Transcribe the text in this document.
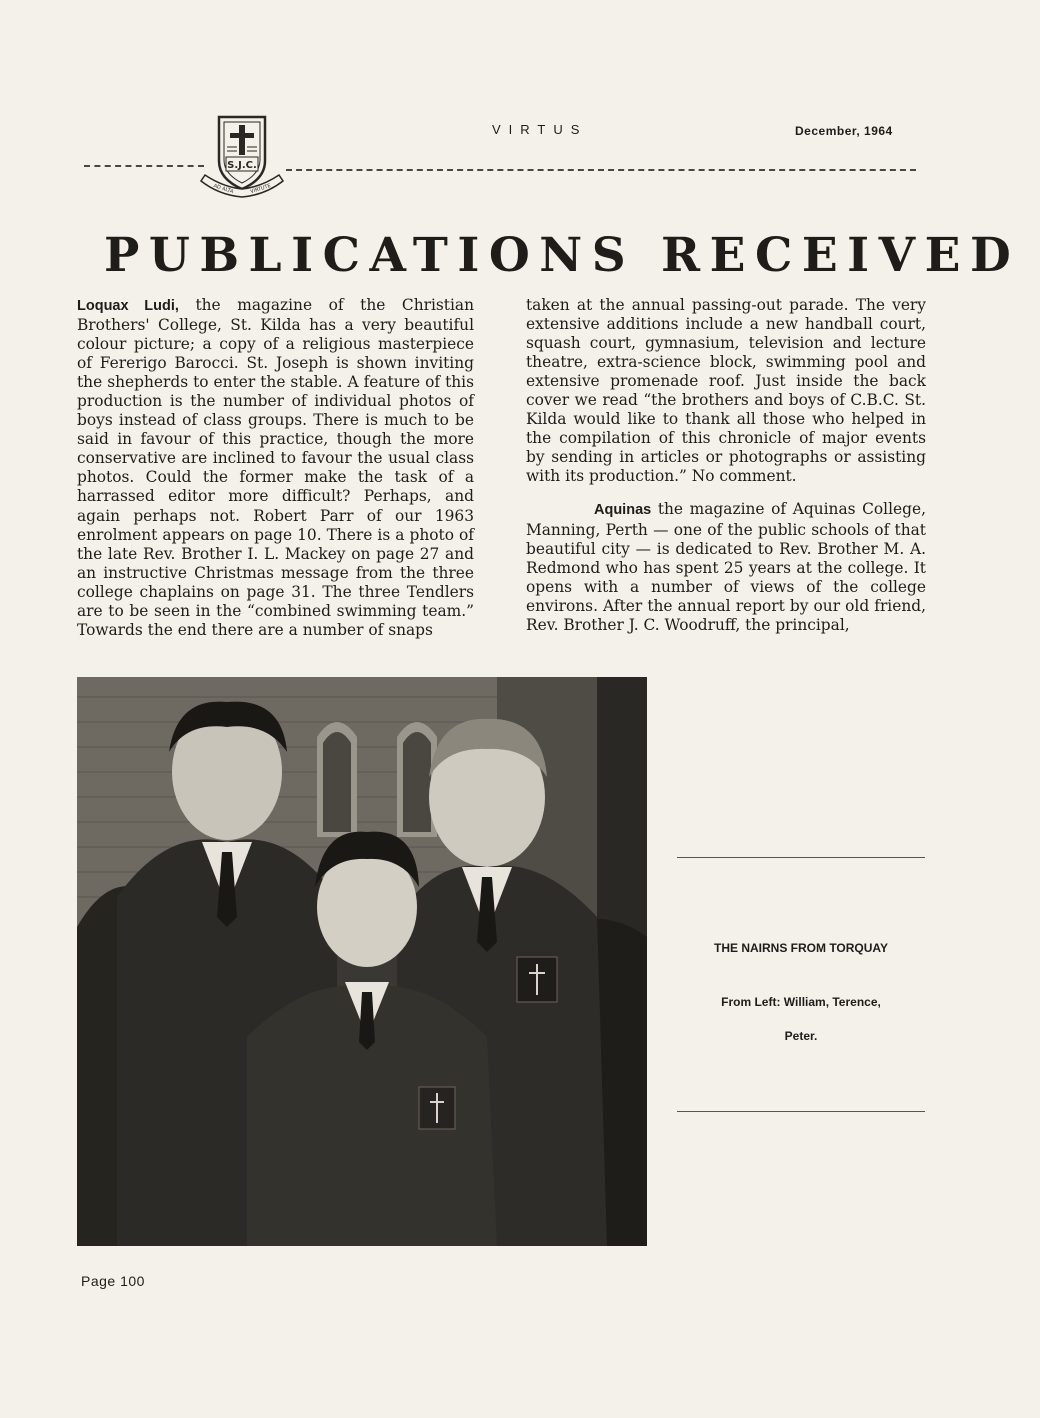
S.J.C.
AD ALTA	VIRTUTE
VIRTUS	December, 1964
PUBLICATIONS RECEIVED

Loquax Ludi, the magazine of the Christian Brothers' College, St. Kilda has a very beautiful colour picture; a copy of a religious masterpiece of Fererigo Barocci. St. Joseph is shown inviting the shepherds to enter the stable. A feature of this production is the number of individual photos of boys instead of class groups. There is much to be said in favour of this practice, though the more conservative are inclined to favour the usual class photos. Could the former make the task of a harrassed editor more difficult? Perhaps, and again perhaps not. Robert Parr of our 1963 enrolment appears on page 10. There is a photo of the late Rev. Brother I. L. Mackey on page 27 and an instructive Christmas message from the three college chaplains on page 31. The three Tendlers are to be seen in the “combined swimming team.” Towards the end there are a number of snaps

taken at the annual passing-out parade. The very extensive additions include a new handball court, squash court, gymnasium, television and lecture theatre, extra-science block, swimming pool and extensive promenade roof. Just inside the back cover we read “the brothers and boys of C.B.C. St. Kilda would like to thank all those who helped in the compilation of this chronicle of major events by sending in articles or photographs or assisting with its production.” No comment.

Aquinas the magazine of Aquinas College, Manning, Perth — one of the public schools of that beautiful city — is dedicated to Rev. Brother M. A. Redmond who has spent 25 years at the college. It opens with a number of views of the college environs. After the annual report by our old friend, Rev. Brother J. C. Woodruff, the principal,

THE NAIRNS FROM TORQUAY
From Left: William, Terence,
Peter.
Page 100
